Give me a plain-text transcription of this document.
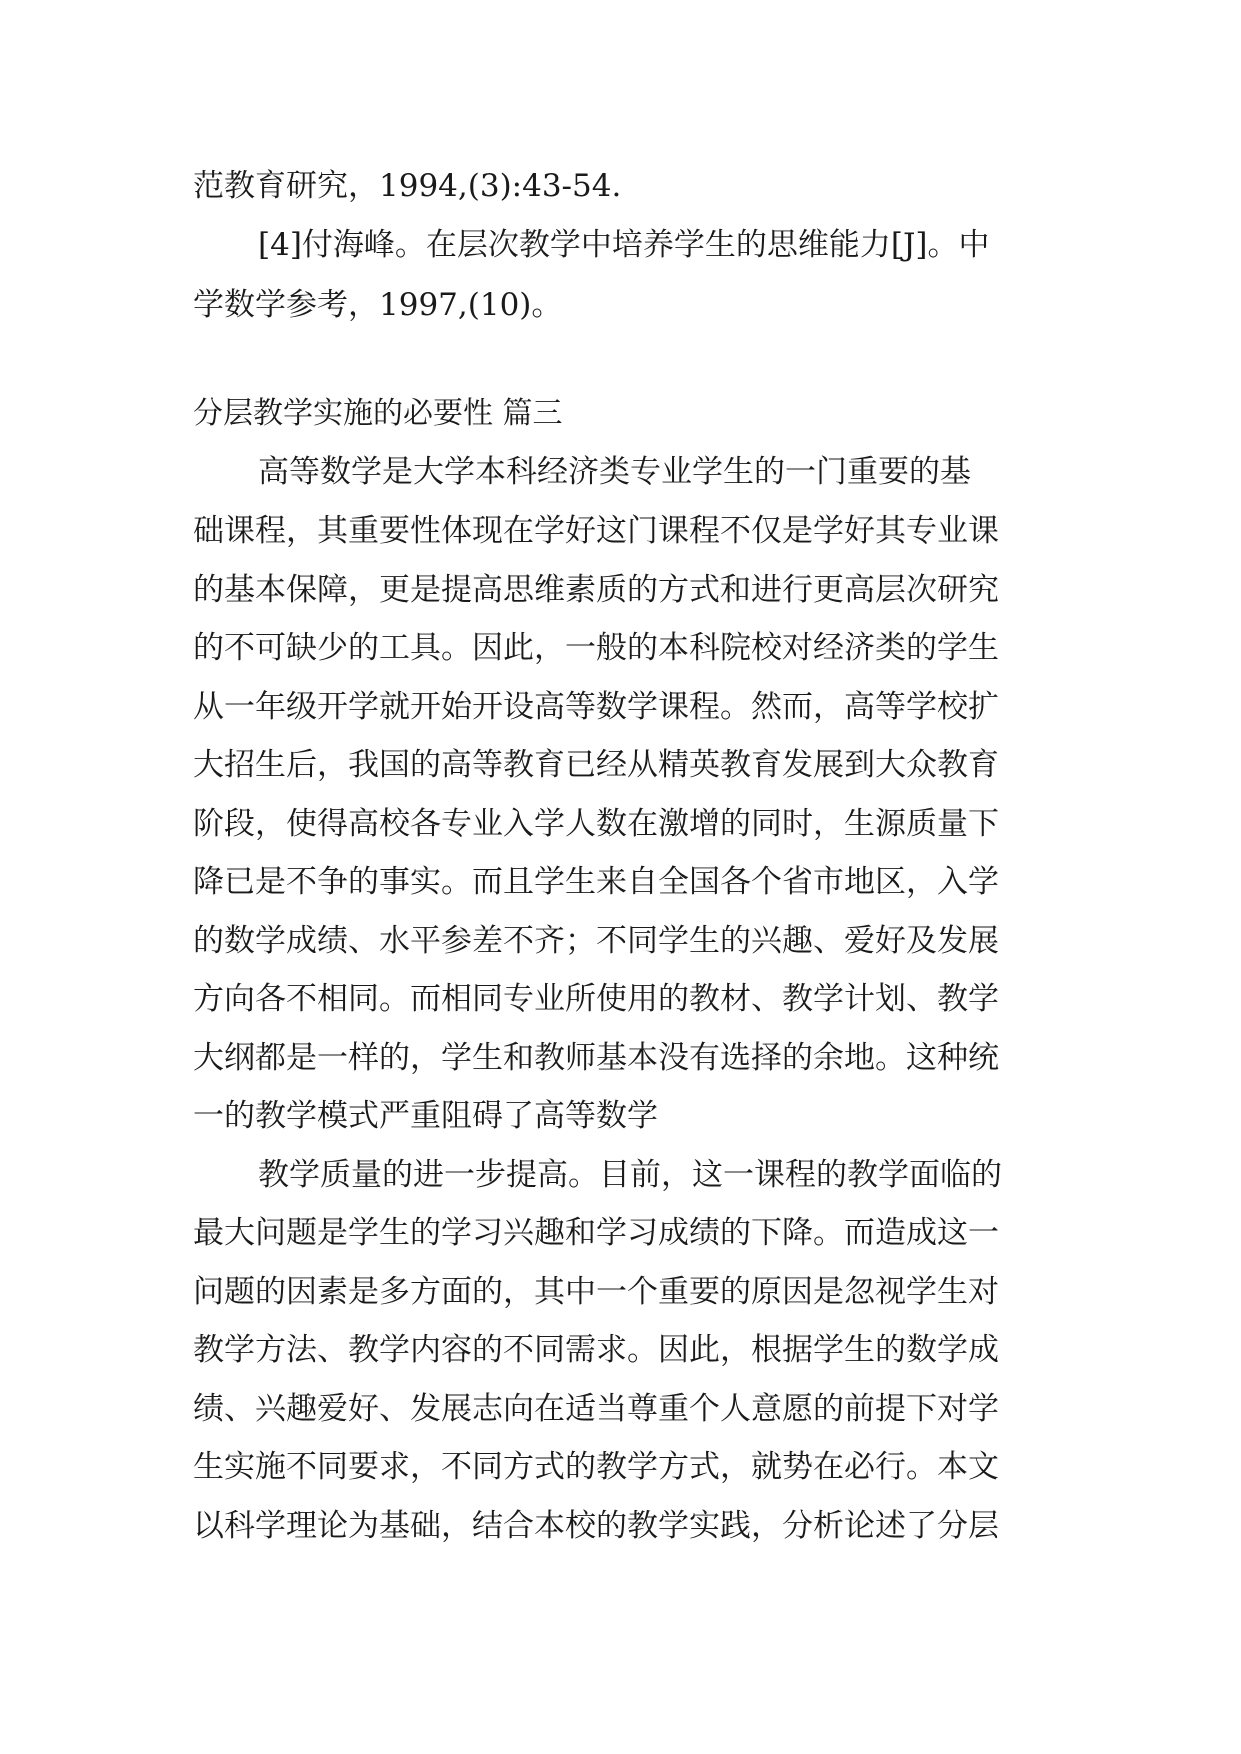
范教育研究，1994,(3):43-54.
[4]付海峰。在层次教学中培养学生的思维能力[J]。中
学数学参考，1997,(10)。
分层教学实施的必要性 篇三
高等数学是大学本科经济类专业学生的一门重要的基
础课程，其重要性体现在学好这门课程不仅是学好其专业课
的基本保障，更是提高思维素质的方式和进行更高层次研究
的不可缺少的工具。因此，一般的本科院校对经济类的学生
从一年级开学就开始开设高等数学课程。然而，高等学校扩
大招生后，我国的高等教育已经从精英教育发展到大众教育
阶段，使得高校各专业入学人数在激增的同时，生源质量下
降已是不争的事实。而且学生来自全国各个省市地区，入学
的数学成绩、水平参差不齐；不同学生的兴趣、爱好及发展
方向各不相同。而相同专业所使用的教材、教学计划、教学
大纲都是一样的，学生和教师基本没有选择的余地。这种统
一的教学模式严重阻碍了高等数学
教学质量的进一步提高。目前，这一课程的教学面临的
最大问题是学生的学习兴趣和学习成绩的下降。而造成这一
问题的因素是多方面的，其中一个重要的原因是忽视学生对
教学方法、教学内容的不同需求。因此，根据学生的数学成
绩、兴趣爱好、发展志向在适当尊重个人意愿的前提下对学
生实施不同要求，不同方式的教学方式，就势在必行。本文
以科学理论为基础，结合本校的教学实践，分析论述了分层
